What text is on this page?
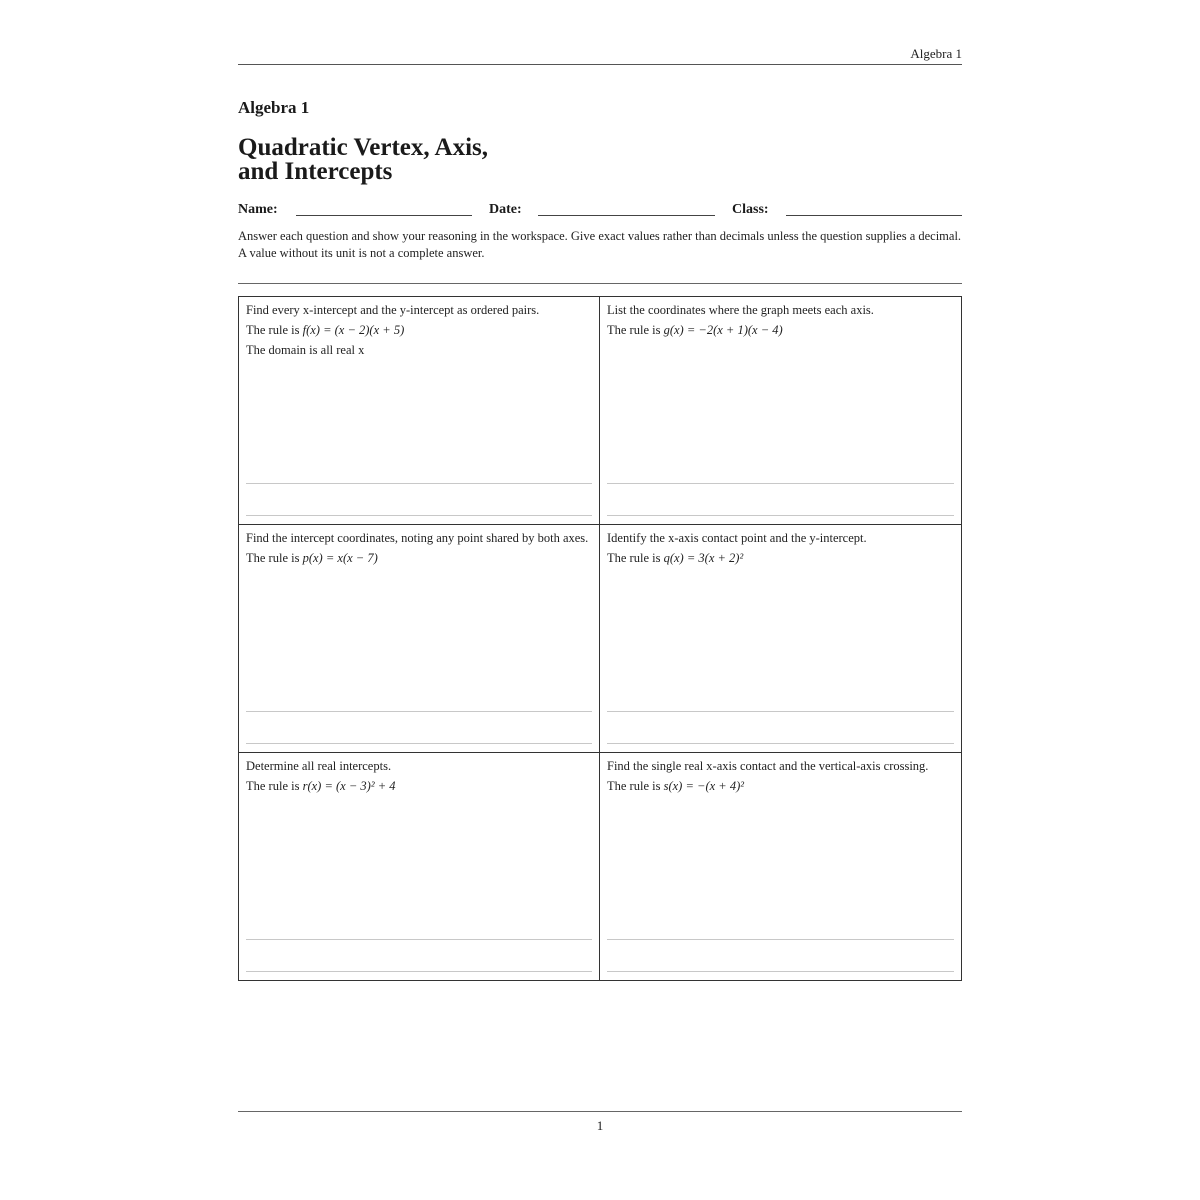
Algebra 1
Algebra 1
Quadratic Vertex, Axis,
and Intercepts
Name:	Date:	Class:
Answer each question and show your reasoning in the workspace. Give exact values rather than decimals unless the question supplies a decimal. A value without its unit is not a complete answer.
Find every x-intercept and the y-intercept as ordered pairs.
The rule is f(x) = (x − 2)(x + 5)
The domain is all real x
List the coordinates where the graph meets each axis.
The rule is g(x) = −2(x + 1)(x − 4)
Find the intercept coordinates, noting any point shared by both axes.
The rule is p(x) = x(x − 7)
Identify the x-axis contact point and the y-intercept.
The rule is q(x) = 3(x + 2)²
Determine all real intercepts.
The rule is r(x) = (x − 3)² + 4
Find the single real x-axis contact and the vertical-axis crossing.
The rule is s(x) = −(x + 4)²
1
